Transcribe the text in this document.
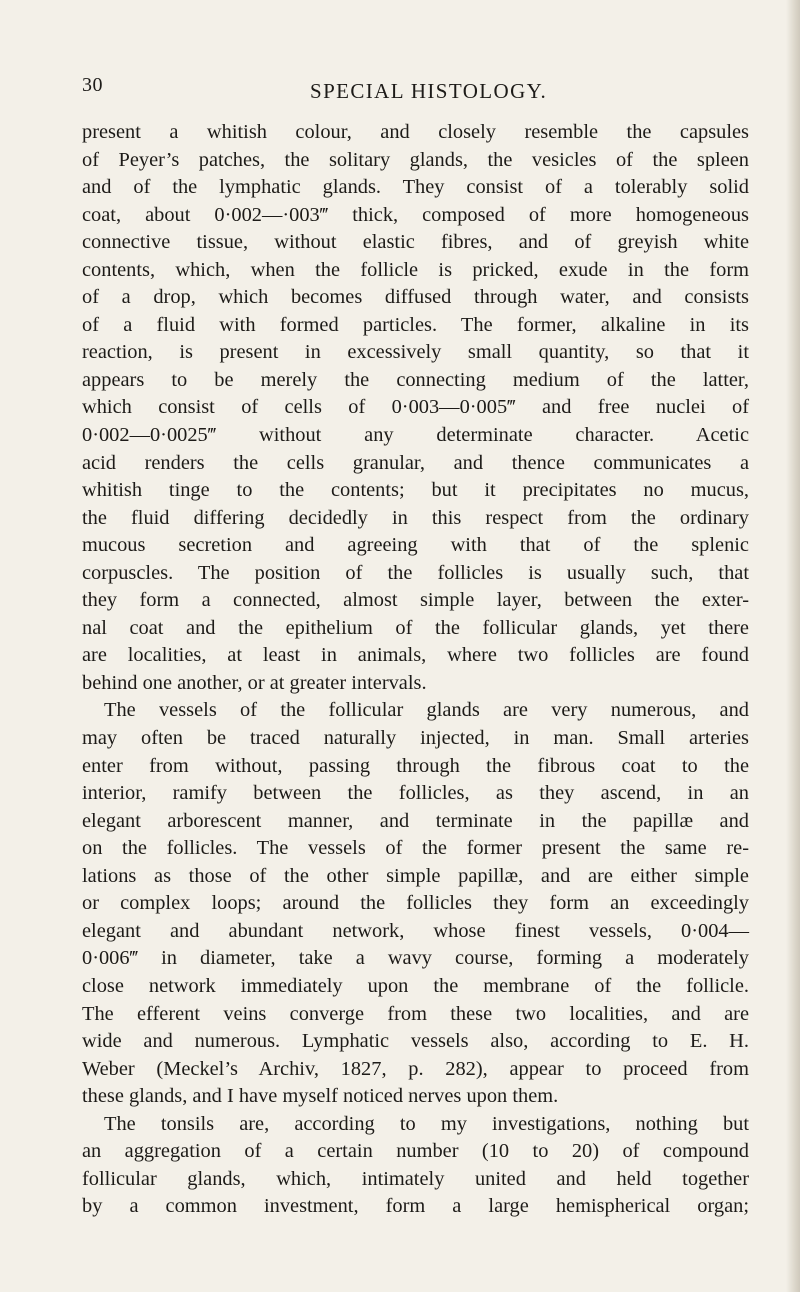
30	SPECIAL HISTOLOGY.
present a whitish colour, and closely resemble the capsules
of Peyer’s patches, the solitary glands, the vesicles of the spleen
and of the lymphatic glands. They consist of a tolerably solid
coat, about 0·002—·003‴ thick, composed of more homogeneous
connective tissue, without elastic fibres, and of greyish white
contents, which, when the follicle is pricked, exude in the form
of a drop, which becomes diffused through water, and consists
of a fluid with formed particles. The former, alkaline in its
reaction, is present in excessively small quantity, so that it
appears to be merely the connecting medium of the latter,
which consist of cells of 0·003—0·005‴ and free nuclei of
0·002—0·0025‴ without any determinate character. Acetic
acid renders the cells granular, and thence communicates a
whitish tinge to the contents; but it precipitates no mucus,
the fluid differing decidedly in this respect from the ordinary
mucous secretion and agreeing with that of the splenic
corpuscles. The position of the follicles is usually such, that
they form a connected, almost simple layer, between the exter-
nal coat and the epithelium of the follicular glands, yet there
are localities, at least in animals, where two follicles are found
behind one another, or at greater intervals.
The vessels of the follicular glands are very numerous, and
may often be traced naturally injected, in man. Small arteries
enter from without, passing through the fibrous coat to the
interior, ramify between the follicles, as they ascend, in an
elegant arborescent manner, and terminate in the papillæ and
on the follicles. The vessels of the former present the same re-
lations as those of the other simple papillæ, and are either simple
or complex loops; around the follicles they form an exceedingly
elegant and abundant network, whose finest vessels, 0·004—
0·006‴ in diameter, take a wavy course, forming a moderately
close network immediately upon the membrane of the follicle.
The efferent veins converge from these two localities, and are
wide and numerous. Lymphatic vessels also, according to E. H.
Weber (Meckel’s Archiv, 1827, p. 282), appear to proceed from
these glands, and I have myself noticed nerves upon them.
The tonsils are, according to my investigations, nothing but
an aggregation of a certain number (10 to 20) of compound
follicular glands, which, intimately united and held together
by a common investment, form a large hemispherical organ;
